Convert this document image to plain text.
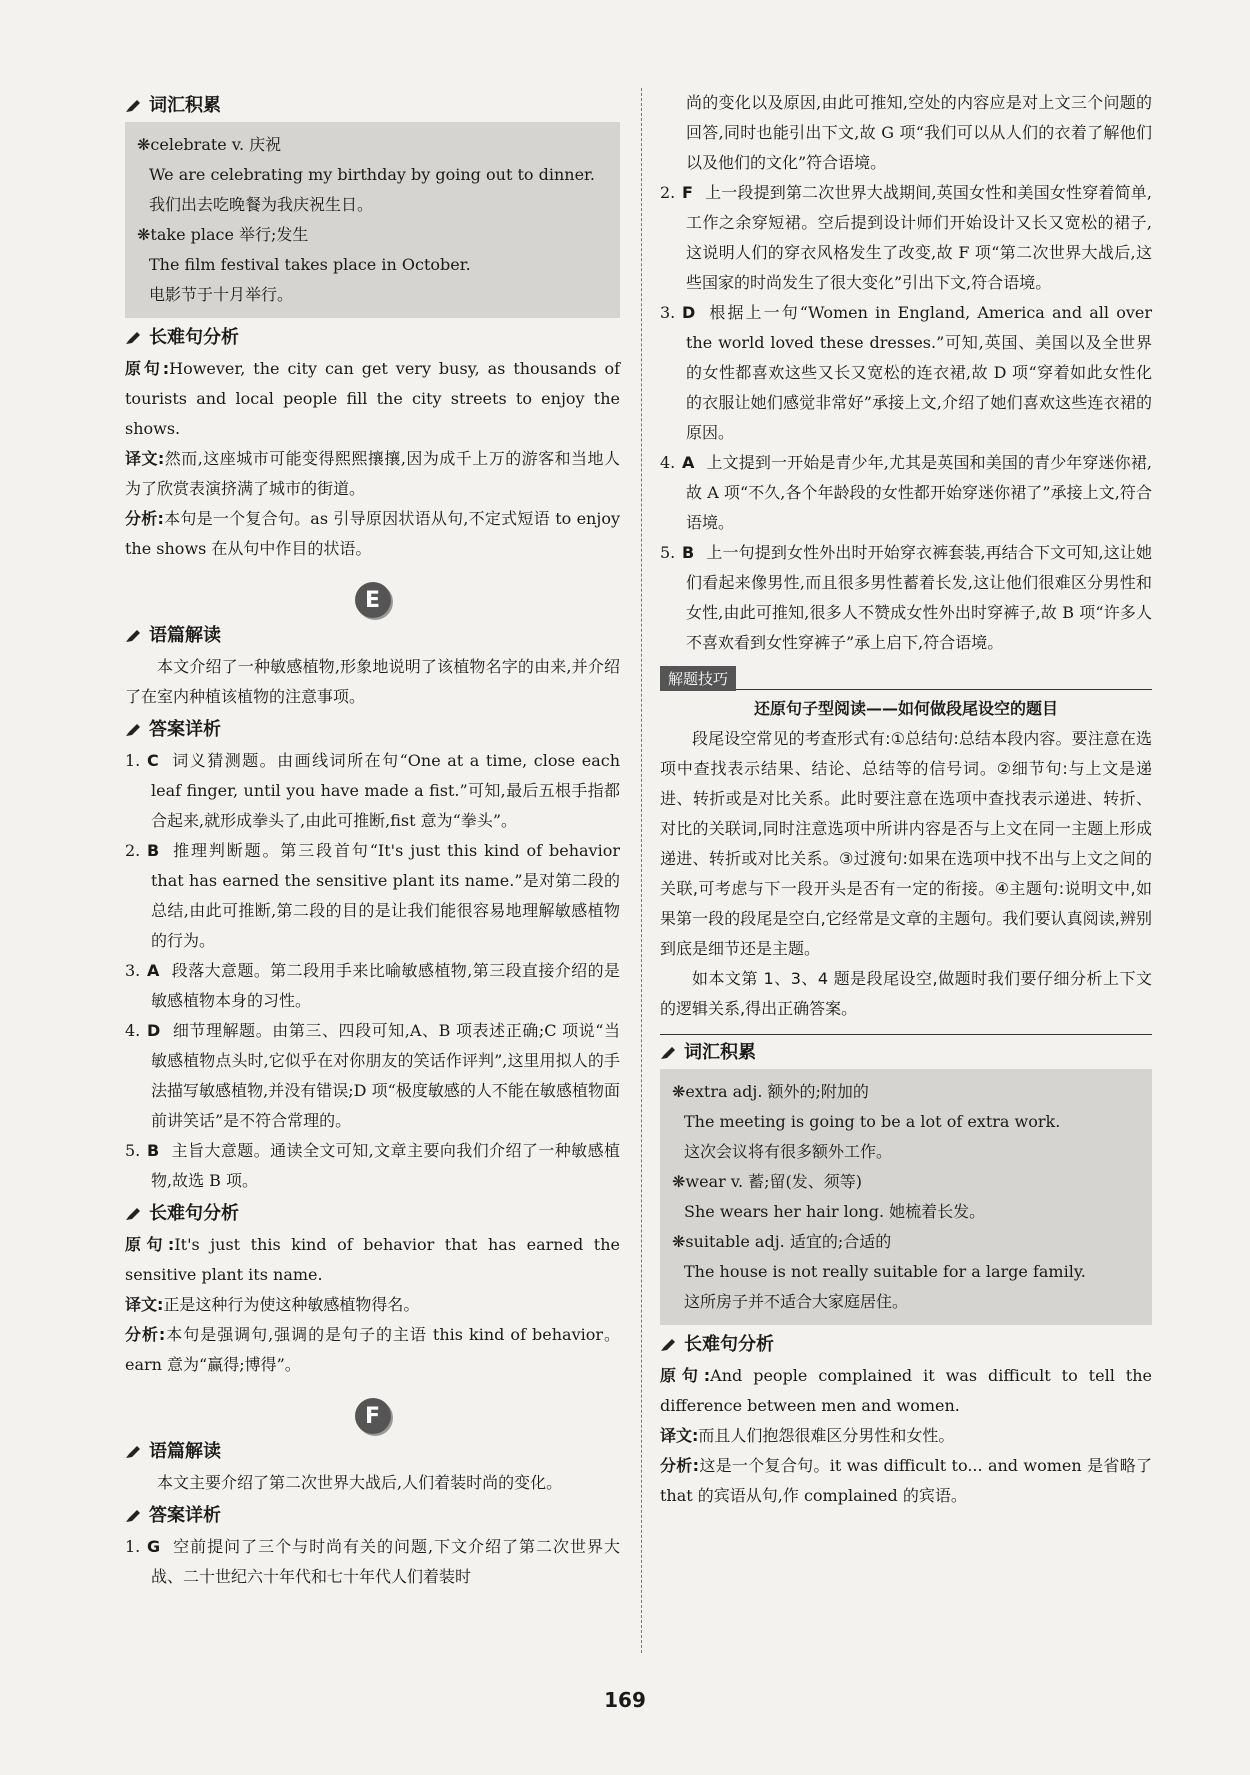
词汇积累

❋celebrate v. 庆祝

We are celebrating my birthday by going out to dinner.

我们出去吃晚餐为我庆祝生日。

❋take place 举行;发生

The film festival takes place in October.

电影节于十月举行。

长难句分析

原句:However, the city can get very busy, as thousands of tourists and local people fill the city streets to enjoy the shows.

译文:然而,这座城市可能变得熙熙攘攘,因为成千上万的游客和当地人为了欣赏表演挤满了城市的街道。

分析:本句是一个复合句。as 引导原因状语从句,不定式短语 to enjoy the shows 在从句中作目的状语。

E
语篇解读

本文介绍了一种敏感植物,形象地说明了该植物名字的由来,并介绍了在室内种植该植物的注意事项。

答案详析

1. C 词义猜测题。由画线词所在句“One at a time, close each leaf finger, until you have made a fist.”可知,最后五根手指都合起来,就形成拳头了,由此可推断,fist 意为“拳头”。

2. B 推理判断题。第三段首句“It's just this kind of behavior that has earned the sensitive plant its name.”是对第二段的总结,由此可推断,第二段的目的是让我们能很容易地理解敏感植物的行为。

3. A 段落大意题。第二段用手来比喻敏感植物,第三段直接介绍的是敏感植物本身的习性。

4. D 细节理解题。由第三、四段可知,A、B 项表述正确;C 项说“当敏感植物点头时,它似乎在对你朋友的笑话作评判”,这里用拟人的手法描写敏感植物,并没有错误;D 项“极度敏感的人不能在敏感植物面前讲笑话”是不符合常理的。

5. B 主旨大意题。通读全文可知,文章主要向我们介绍了一种敏感植物,故选 B 项。

长难句分析

原句:It's just this kind of behavior that has earned the sensitive plant its name.

译文:正是这种行为使这种敏感植物得名。

分析:本句是强调句,强调的是句子的主语 this kind of behavior。earn 意为“赢得;博得”。

F
语篇解读

本文主要介绍了第二次世界大战后,人们着装时尚的变化。

答案详析

1. G 空前提问了三个与时尚有关的问题,下文介绍了第二次世界大战、二十世纪六十年代和七十年代人们着装时

尚的变化以及原因,由此可推知,空处的内容应是对上文三个问题的回答,同时也能引出下文,故 G 项“我们可以从人们的衣着了解他们以及他们的文化”符合语境。

2. F 上一段提到第二次世界大战期间,英国女性和美国女性穿着简单,工作之余穿短裙。空后提到设计师们开始设计又长又宽松的裙子,这说明人们的穿衣风格发生了改变,故 F 项“第二次世界大战后,这些国家的时尚发生了很大变化”引出下文,符合语境。

3. D 根据上一句“Women in England, America and all over the world loved these dresses.”可知,英国、美国以及全世界的女性都喜欢这些又长又宽松的连衣裙,故 D 项“穿着如此女性化的衣服让她们感觉非常好”承接上文,介绍了她们喜欢这些连衣裙的原因。

4. A 上文提到一开始是青少年,尤其是英国和美国的青少年穿迷你裙,故 A 项“不久,各个年龄段的女性都开始穿迷你裙了”承接上文,符合语境。

5. B 上一句提到女性外出时开始穿衣裤套装,再结合下文可知,这让她们看起来像男性,而且很多男性蓄着长发,这让他们很难区分男性和女性,由此可推知,很多人不赞成女性外出时穿裤子,故 B 项“许多人不喜欢看到女性穿裤子”承上启下,符合语境。

解题技巧

还原句子型阅读——如何做段尾设空的题目

段尾设空常见的考查形式有:①总结句:总结本段内容。要注意在选项中查找表示结果、结论、总结等的信号词。②细节句:与上文是递进、转折或是对比关系。此时要注意在选项中查找表示递进、转折、对比的关联词,同时注意选项中所讲内容是否与上文在同一主题上形成递进、转折或对比关系。③过渡句:如果在选项中找不出与上文之间的关联,可考虑与下一段开头是否有一定的衔接。④主题句:说明文中,如果第一段的段尾是空白,它经常是文章的主题句。我们要认真阅读,辨别到底是细节还是主题。

如本文第 1、3、4 题是段尾设空,做题时我们要仔细分析上下文的逻辑关系,得出正确答案。

词汇积累

❋extra adj. 额外的;附加的

The meeting is going to be a lot of extra work.

这次会议将有很多额外工作。

❋wear v. 蓄;留(发、须等)

She wears her hair long. 她梳着长发。

❋suitable adj. 适宜的;合适的

The house is not really suitable for a large family.

这所房子并不适合大家庭居住。

长难句分析

原句:And people complained it was difficult to tell the difference between men and women.

译文:而且人们抱怨很难区分男性和女性。

分析:这是一个复合句。it was difficult to... and women 是省略了 that 的宾语从句,作 complained 的宾语。

169
